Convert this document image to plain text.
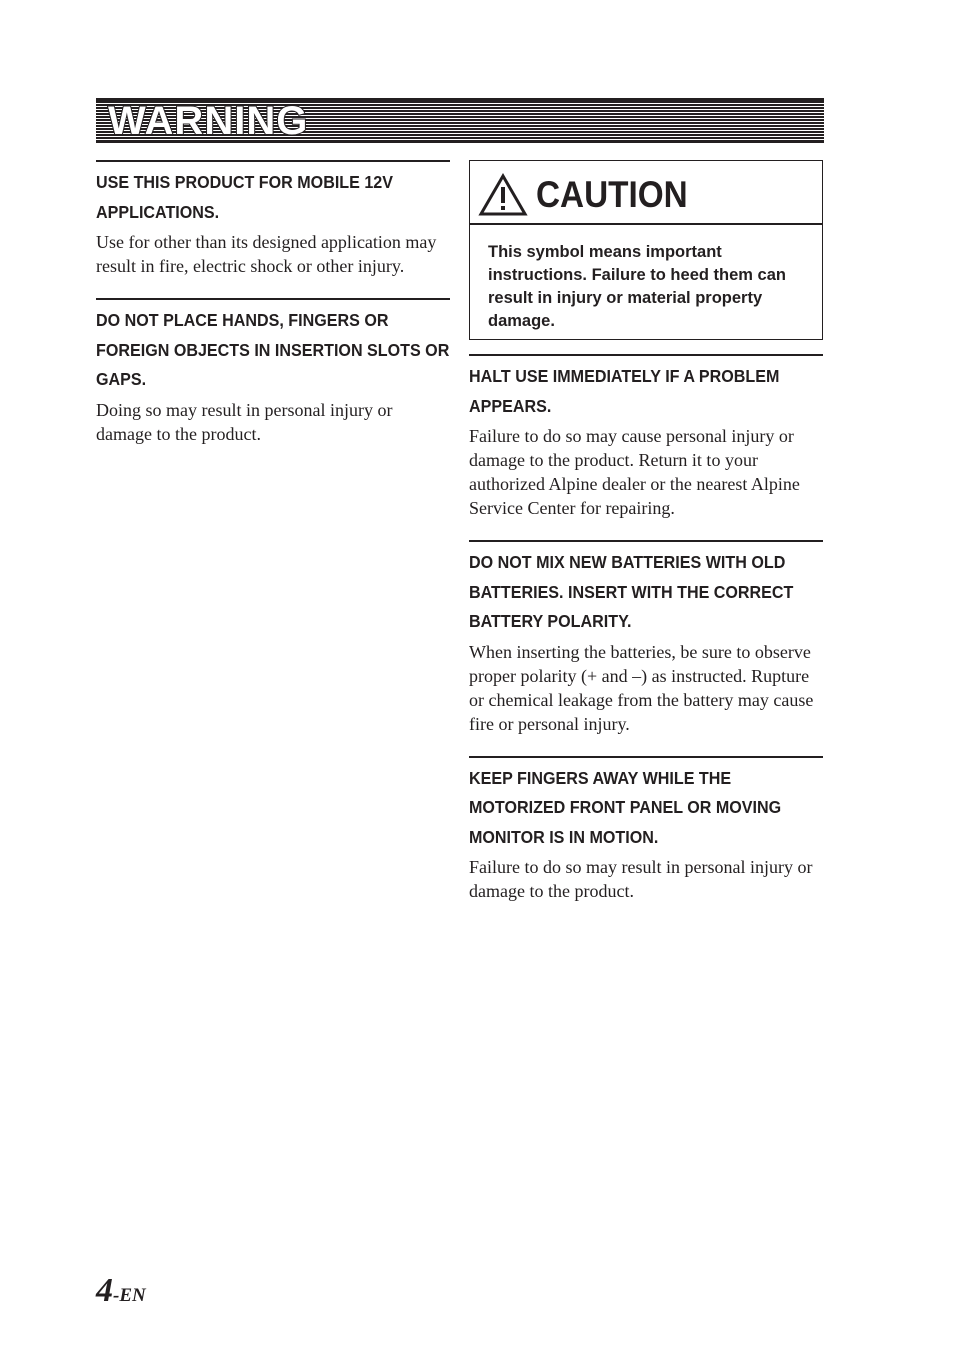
WARNING

USE THIS PRODUCT FOR MOBILE 12V APPLICATIONS.

Use for other than its designed application may result in fire, electric shock or other injury.

DO NOT PLACE HANDS, FINGERS OR FOREIGN OBJECTS IN INSERTION SLOTS OR GAPS.

Doing so may result in personal injury or damage to the product.

CAUTION

This symbol means important instructions. Failure to heed them can result in injury or material property damage.

HALT USE IMMEDIATELY IF A PROBLEM APPEARS.

Failure to do so may cause personal injury or damage to the product. Return it to your authorized Alpine dealer or the nearest Alpine Service Center for repairing.

DO NOT MIX NEW BATTERIES WITH OLD BATTERIES. INSERT WITH THE CORRECT BATTERY POLARITY.

When inserting the batteries, be sure to observe proper polarity (+ and –) as instructed. Rupture or chemical leakage from the battery may cause fire or personal injury.

KEEP FINGERS AWAY WHILE THE MOTORIZED FRONT PANEL OR MOVING MONITOR IS IN MOTION.

Failure to do so may result in personal injury or damage to the product.

4-EN
